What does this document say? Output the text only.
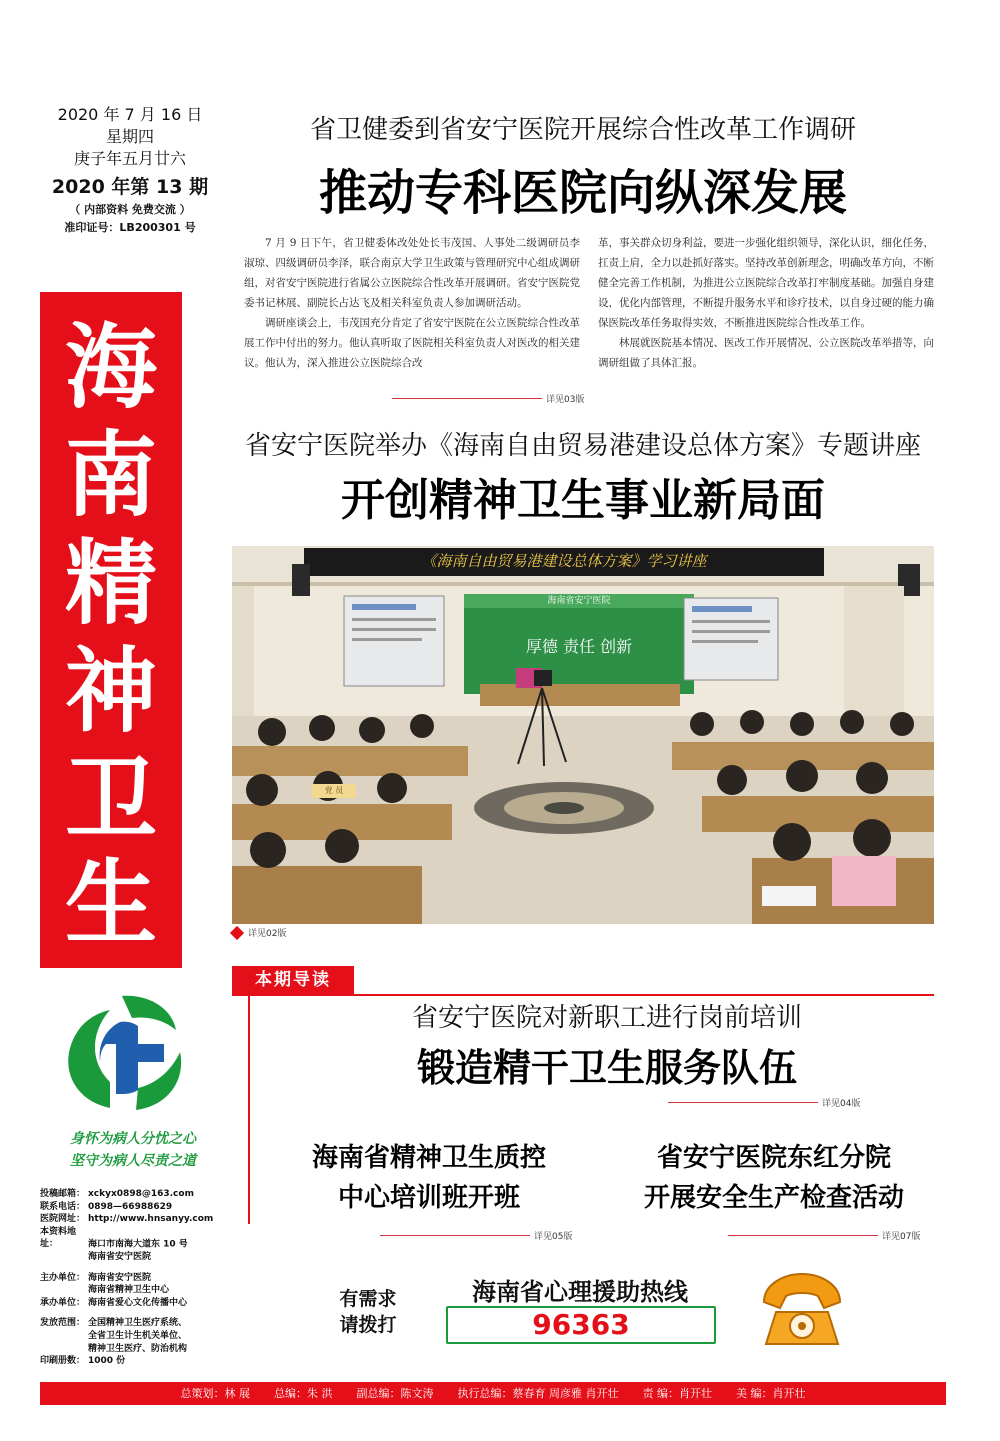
2020 年 7 月 16 日
星期四
庚子年五月廿六
2020 年第 13 期
（ 内部资料 免费交流 ）
准印证号：LB200301 号
海
南
精
神
卫
生
身怀为病人分忧之心
坚守为病人尽责之道
投稿邮箱： xckyx0898@163.com
联系电话： 0898—66988629
医院网址： http://www.hnsanyy.com
本资料地址：	海口市南海大道东 10 号
海南省安宁医院
主办单位： 海南省安宁医院
海南省精神卫生中心
承办单位： 海南省爱心文化传播中心
发放范围： 全国精神卫生医疗系统、
全省卫生计生机关单位、
精神卫生医疗、防治机构
印刷册数： 1000 份
省卫健委到省安宁医院开展综合性改革工作调研
推动专科医院向纵深发展

7 月 9 日下午，省卫健委体改处处长韦茂国、人事处二级调研员李淑琼、四级调研员李泽，联合南京大学卫生政策与管理研究中心组成调研组，对省安宁医院进行省属公立医院综合性改革开展调研。省安宁医院党委书记林展、副院长占达飞及相关科室负责人参加调研活动。

调研座谈会上，韦茂国充分肯定了省安宁医院在公立医院综合性改革展工作中付出的努力。他认真听取了医院相关科室负责人对医改的相关建议。他认为，深入推进公立医院综合改

革，事关群众切身利益，要进一步强化组织领导，深化认识，细化任务，扛责上肩，全力以赴抓好落实。坚持改革创新理念，明确改革方向，不断健全完善工作机制，为推进公立医院综合改革打牢制度基础。加强自身建设，优化内部管理，不断提升服务水平和诊疗技术，以自身过硬的能力确保医院改革任务取得实效，不断推进医院综合性改革工作。

林展就医院基本情况、医改工作开展情况、公立医院改革举措等，向调研组做了具体汇报。

详见03版
省安宁医院举办《海南自由贸易港建设总体方案》专题讲座
开创精神卫生事业新局面
《海南自由贸易港建设总体方案》学习讲座
海南省安宁医院
厚德 责任 创新
党 员
详见02版
本期导读
省安宁医院对新职工进行岗前培训
锻造精干卫生服务队伍
详见04版
海南省精神卫生质控
中心培训班开班
详见05版
省安宁医院东红分院
开展安全生产检查活动
详见07版
有需求
请拨打
海南省心理援助热线
96363
总策划：林 展 总编：朱 洪 副总编：陈文涛 执行总编：蔡春育 周彦雅 肖开壮 责 编：肖开壮 美 编：肖开壮
